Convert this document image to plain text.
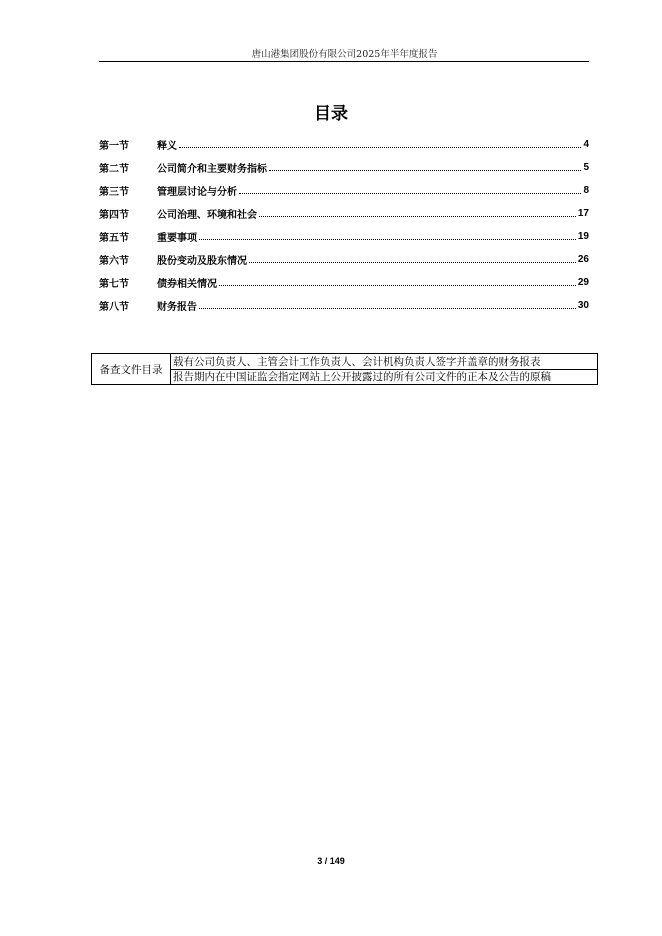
唐山港集团股份有限公司2025年半年度报告
目录
第一节	释义	4
第二节	公司简介和主要财务指标	5
第三节	管理层讨论与分析	8
第四节	公司治理、环境和社会	17
第五节	重要事项	19
第六节	股份变动及股东情况	26
第七节	债券相关情况	29
第八节	财务报告	30
备查文件目录
载有公司负责人、主管会计工作负责人、会计机构负责人签字并盖章的财务报表
报告期内在中国证监会指定网站上公开披露过的所有公司文件的正本及公告的原稿
3 / 149
